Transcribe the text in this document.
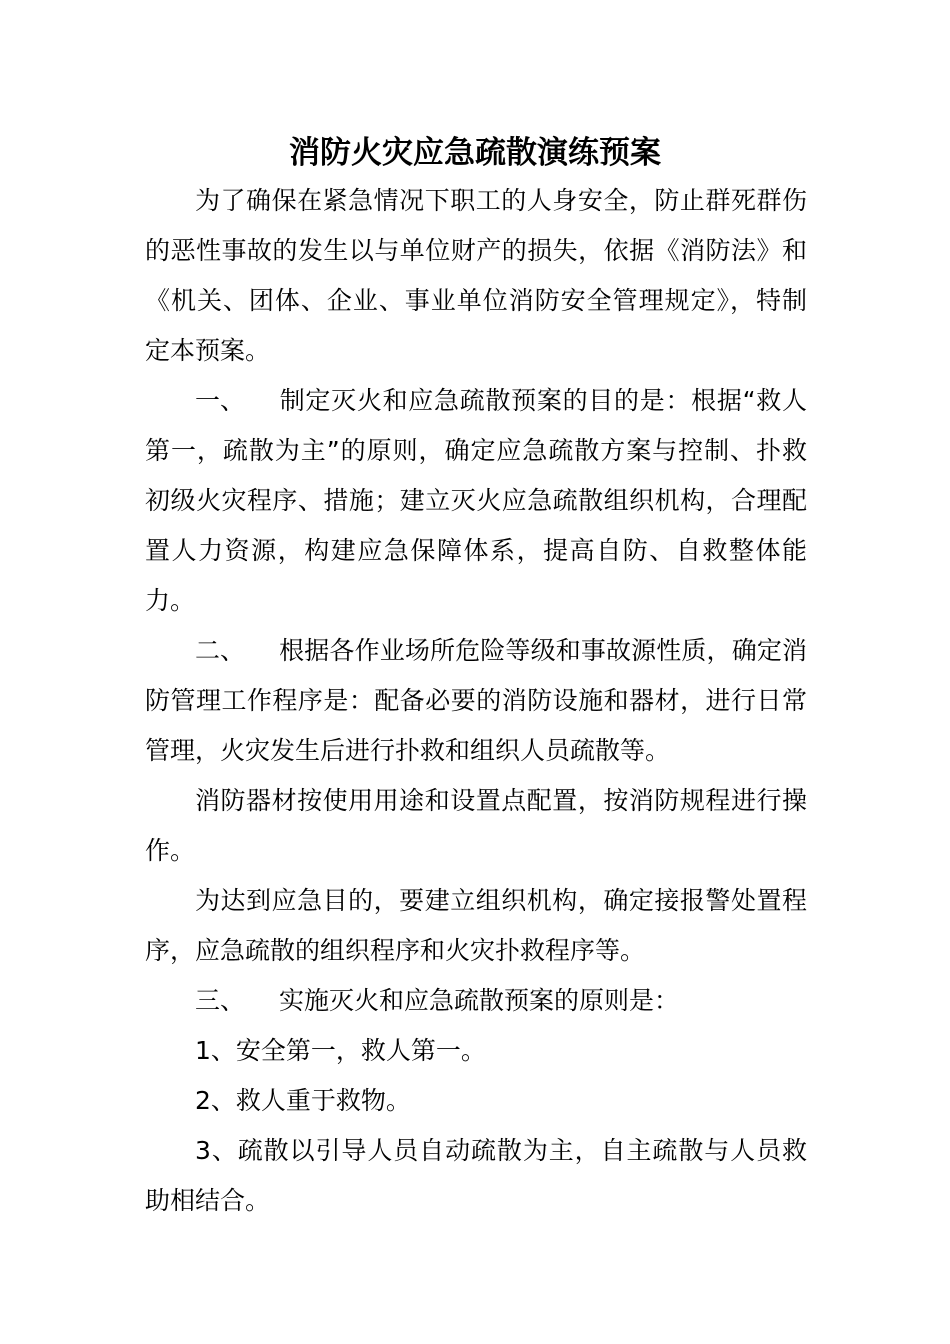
消防火灾应急疏散演练预案

为了确保在紧急情况下职工的人身安全，防止群死群伤的恶性事故的发生以与单位财产的损失，依据《消防法》和《机关、团体、企业、事业单位消防安全管理规定》，特制定本预案。

一、 制定灭火和应急疏散预案的目的是：根据“救人第一，疏散为主”的原则，确定应急疏散方案与控制、扑救初级火灾程序、措施；建立灭火应急疏散组织机构，合理配置人力资源，构建应急保障体系，提高自防、自救整体能力。

二、 根据各作业场所危险等级和事故源性质，确定消防管理工作程序是：配备必要的消防设施和器材，进行日常管理，火灾发生后进行扑救和组织人员疏散等。

消防器材按使用用途和设置点配置，按消防规程进行操作。

为达到应急目的，要建立组织机构，确定接报警处置程序，应急疏散的组织程序和火灾扑救程序等。

三、 实施灭火和应急疏散预案的原则是：

1、安全第一，救人第一。

2、救人重于救物。

3、疏散以引导人员自动疏散为主，自主疏散与人员救助相结合。
